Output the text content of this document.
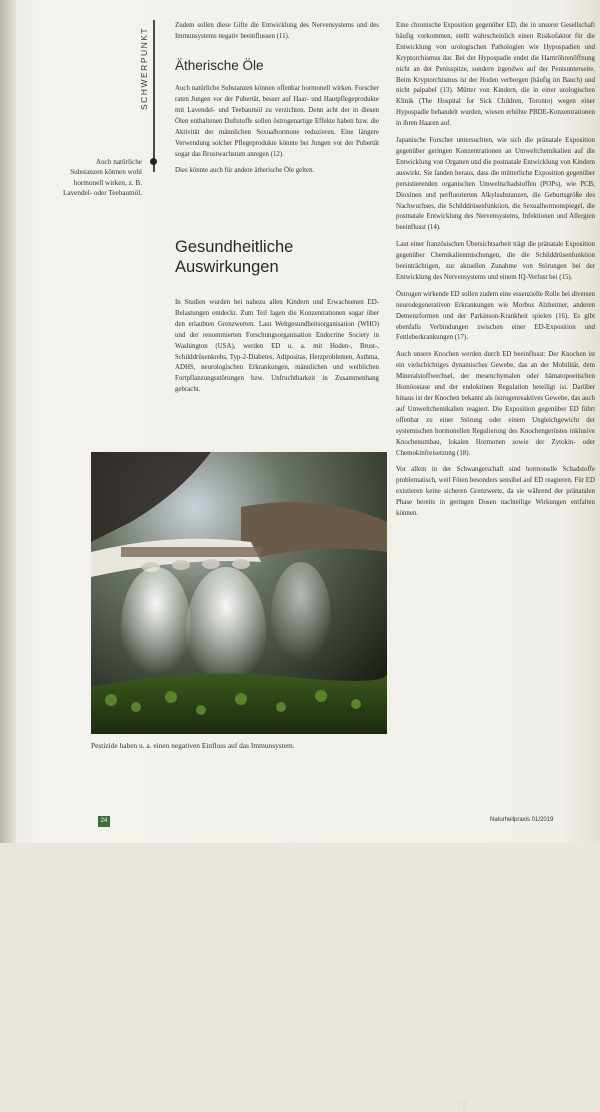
SCHWERPUNKT
Auch natürliche Substanzen können wohl hormonell wirken, z. B. Lavendel- oder Teebaumöl.

Zudem sollen diese Gifte die Entwicklung des Nervensystems und des Immunsystems negativ beeinflussen (11).

Ätherische Öle

Auch natürliche Substanzen können offenbar hormonell wirken. Forscher raten Jungen vor der Pubertät, besser auf Haar- und Hautpflegeprodukte mit Lavendel- und Teebaumöl zu verzichten. Denn acht der in diesen Ölen enthaltenen Duftstoffe sollen östrogenartige Effekte haben bzw. die Aktivität der männlichen Sexualhormone reduzieren. Eine längere Verwendung solcher Pflegeprodukte könnte bei Jungen vor der Pubertät sogar das Brustwachstum anregen (12).

Dies könnte auch für andere ätherische Öle gelten.

Gesundheitliche Auswirkungen

In Studien wurden bei nahezu allen Kindern und Erwachsenen ED-Belastungen entdeckt. Zum Teil lagen die Konzentrationen sogar über den erlaubten Grenzwerten. Laut Weltgesundheitsorganisation (WHO) und der renommierten Forschungsorganisation Endocrine Society in Washington (USA), werden ED u. a. mit Hoden-, Brust-, Schilddrüsenkrebs, Typ-2-Diabetes, Adipositas, Herzproblemen, Asthma, ADHS, neurologischen Erkrankungen, männlichen und weiblichen Fortpflanzungsstörungen bzw. Unfruchtbarkeit in Zusammenhang gebracht.

Eine chronische Exposition gegenüber ED, die in unserer Gesellschaft häufig vorkommen, stellt wahrscheinlich einen Risikofaktor für die Entwicklung von urologischen Pathologien wie Hypospadien und Kryptorchismus dar. Bei der Hypospadie endet die Harnröhrenöffnung nicht an der Penisspitze, sondern irgendwo auf der Penisunterseite. Beim Kryptorchismus ist der Hoden verborgen (häufig im Bauch) und nicht palpabel (13). Mütter von Kindern, die in einer urologischen Klinik (The Hospital for Sick Children, Toronto) wegen einer Hypospadie behandelt wurden, wiesen erhöhte PBDE-Konzentrationen in ihren Haaren auf.

Japanische Forscher untersuchten, wie sich die pränatale Exposition gegenüber geringen Konzentrationen an Umweltchemikalien auf die Entwicklung von Organen und die postnatale Entwicklung von Kindern auswirkt. Sie fanden heraus, dass die mütterliche Exposition gegenüber persistierenden organischen Umweltschadstoffen (POPs), wie PCB, Dioxinen und perfluorierten Alkylsubstanzen, die Geburtsgröße des Nachwuchses, die Schilddrüsenfunktion, die Sexualhormonspiegel, die postnatale Entwicklung des Nervensystems, Infektionen und Allergien beeinflusst (14).

Laut einer französischen Übersichtsarbeit trägt die pränatale Exposition gegenüber Chemikalienmischungen, die die Schilddrüsenfunktion beeinträchtigen, zur aktuellen Zunahme von Störungen bei der Entwicklung des Nervensystems und einem IQ-Verlust bei (15).

Östrogen wirkende ED sollen zudem eine essenzielle Rolle bei diversen neurodegenerativen Erkrankungen wie Morbus Alzheimer, anderen Demenzformen und der Parkinson-Krankheit spielen (16). Es gibt ebenfalls Verbindungen zwischen einer ED-Exposition und Fettleberkrankungen (17).

Auch unsere Knochen werden durch ED beeinflusst: Der Knochen ist ein vielschichtiges dynamisches Gewebe, das an der Mobilität, dem Mineralstoffwechsel, der mesenchymalen oder hämatopoetischen Homöostase und der endokrinen Regulation beteiligt ist. Darüber hinaus ist der Knochen bekannt als östrogenreaktives Gewebe, das auch auf Umweltchemikalien reagiert. Die Exposition gegenüber ED führt offenbar zu einer Störung oder einem Ungleichgewicht der systemischen hormonellen Regulierung des Knochengerüstes inklusive Knochenumbau, lokalen Hormonen sowie der Zytokin- oder Chemokinfreisetzung (18).

Vor allem in der Schwangerschaft sind hormonelle Schadstoffe problematisch, weil Föten besonders sensibel auf ED reagieren. Für ED existieren keine sicheren Grenzwerte, da sie während der pränatalen Phase bereits in geringen Dosen nachteilige Wirkungen entfalten können.

Foto: © ...
Pestizide haben u. a. einen negativen Einfluss auf das Immunsystem.
24	Naturheilpraxis 01/2019
